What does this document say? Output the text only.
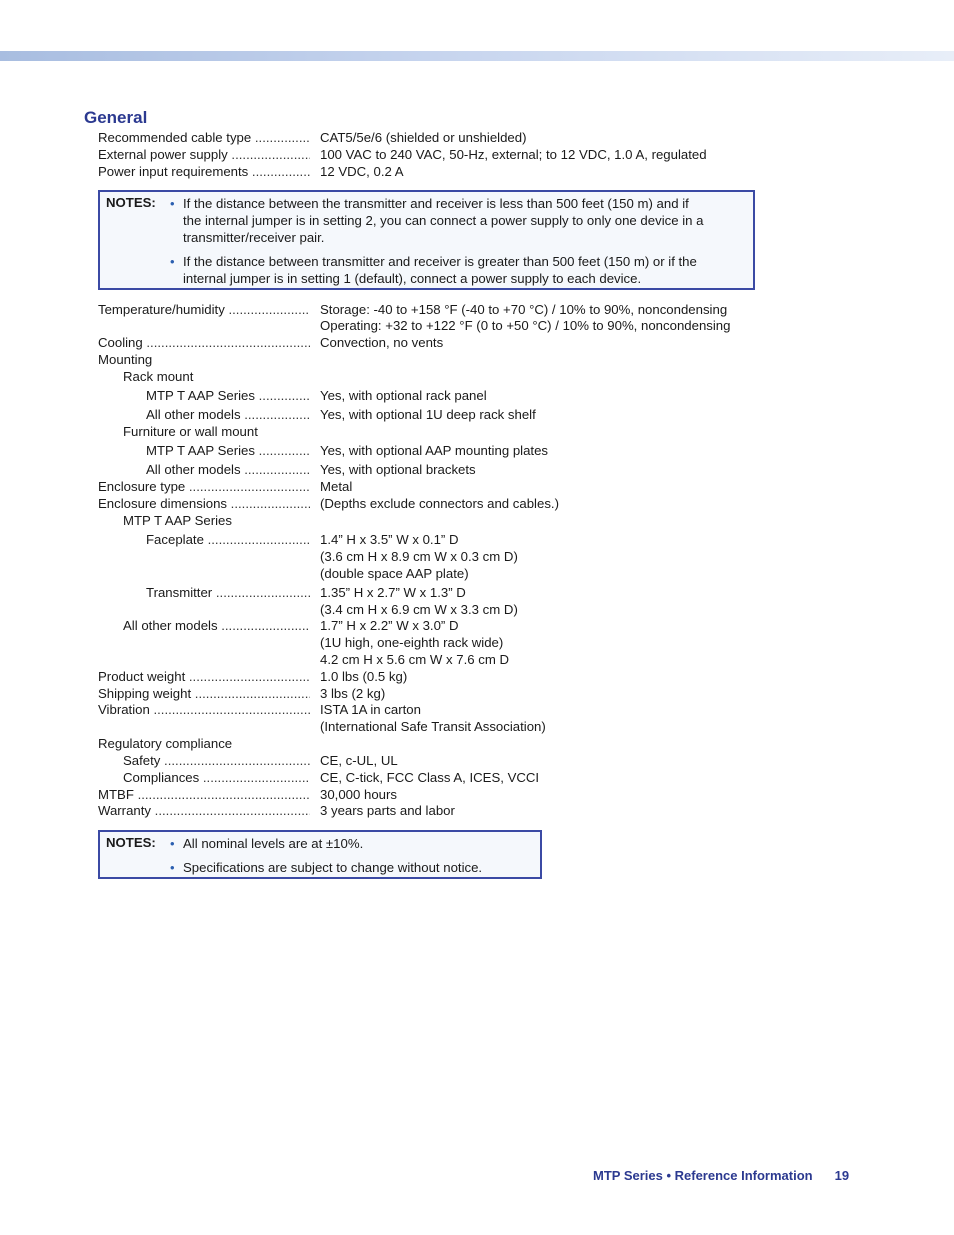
General
Recommended cable type .....	CAT5/5e/6 (shielded or unshielded)
External power supply .....	100 VAC to 240 VAC, 50-Hz, external; to 12 VDC, 1.0 A, regulated
Power input requirements .....	12 VDC, 0.2 A
NOTES: • If the distance between the transmitter and receiver is less than 500 feet (150 m) and if
the internal jumper is in setting 2, you can connect a power supply to only one device in a
transmitter/receiver pair.
• If the distance between transmitter and receiver is greater than 500 feet (150 m) or if the
internal jumper is in setting 1 (default), connect a power supply to each device.
Temperature/humidity .....	Storage: -40 to +158 °F (-40 to +70 °C) / 10% to 90%, noncondensing
Operating: +32 to +122 °F (0 to +50 °C) / 10% to 90%, noncondensing
Cooling .....	Convection, no vents
Mounting
Rack mount
MTP T AAP Series .....	Yes, with optional rack panel
All other models .....	Yes, with optional 1U deep rack shelf
Furniture or wall mount
MTP T AAP Series .....	Yes, with optional AAP mounting plates
All other models .....	Yes, with optional brackets
Enclosure type .....	Metal
Enclosure dimensions .....	(Depths exclude connectors and cables.)
MTP T AAP Series
Faceplate .....	1.4” H x 3.5” W x 0.1” D
(3.6 cm H x 8.9 cm W x 0.3 cm D)
(double space AAP plate)
Transmitter .....	1.35” H x 2.7” W x 1.3” D
(3.4 cm H x 6.9 cm W x 3.3 cm D)
All other models .....	1.7” H x 2.2” W x 3.0” D
(1U high, one-eighth rack wide)
4.2 cm H x 5.6 cm W x 7.6 cm D
Product weight .....	1.0 lbs (0.5 kg)
Shipping weight .....	3 lbs (2 kg)
Vibration .....	ISTA 1A in carton
(International Safe Transit Association)
Regulatory compliance
Safety .....	CE, c-UL, UL
Compliances .....	CE, C-tick, FCC Class A, ICES, VCCI
MTBF .....	30,000 hours
Warranty .....	3 years parts and labor
NOTES: • All nominal levels are at ±10%.
• Specifications are subject to change without notice.
MTP Series • Reference Information 19
